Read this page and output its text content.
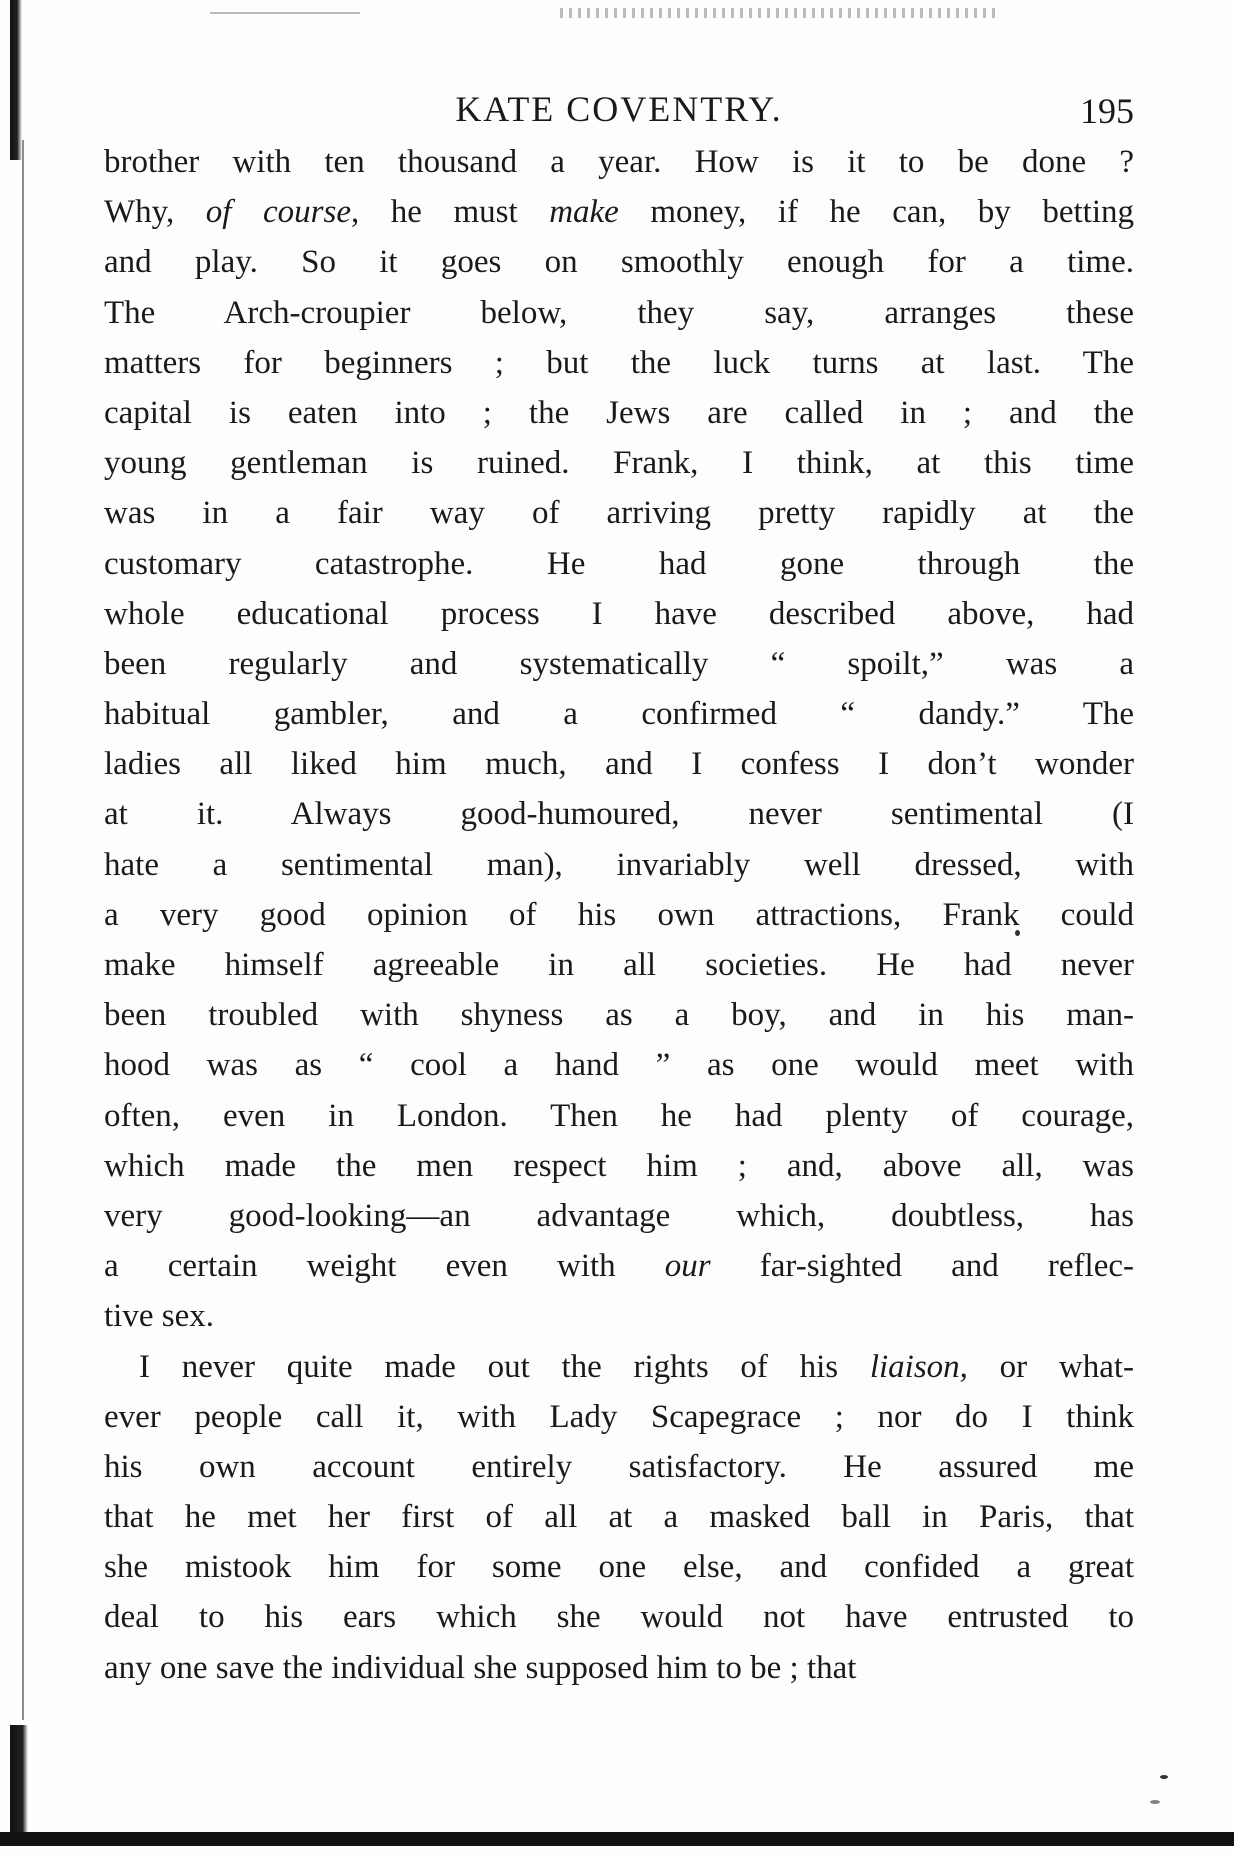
KATE COVENTRY.	195
brother with ten thousand a year. How is it to be done ?
Why, of course, he must make money, if he can, by betting
and play. So it goes on smoothly enough for a time.
The Arch-croupier below, they say, arranges these
matters for beginners ; but the luck turns at last. The
capital is eaten into ; the Jews are called in ; and the
young gentleman is ruined. Frank, I think, at this time
was in a fair way of arriving pretty rapidly at the
customary catastrophe. He had gone through the
whole educational process I have described above, had
been regularly and systematically “ spoilt,” was a
habitual gambler, and a confirmed “ dandy.” The
ladies all liked him much, and I confess I don’t wonder
at it. Always good-humoured, never sentimental (I
hate a sentimental man), invariably well dressed, with
a very good opinion of his own attractions, Frank could
make himself agreeable in all societies. He had never
been troubled with shyness as a boy, and in his man-
hood was as “ cool a hand ” as one would meet with
often, even in London. Then he had plenty of courage,
which made the men respect him ; and, above all, was
very good-looking—an advantage which, doubtless, has
a certain weight even with our far-sighted and reflec-
tive sex.
I never quite made out the rights of his liaison, or what-
ever people call it, with Lady Scapegrace ; nor do I think
his own account entirely satisfactory. He assured me
that he met her first of all at a masked ball in Paris, that
she mistook him for some one else, and confided a great
deal to his ears which she would not have entrusted to
any one save the individual she supposed him to be ; that
